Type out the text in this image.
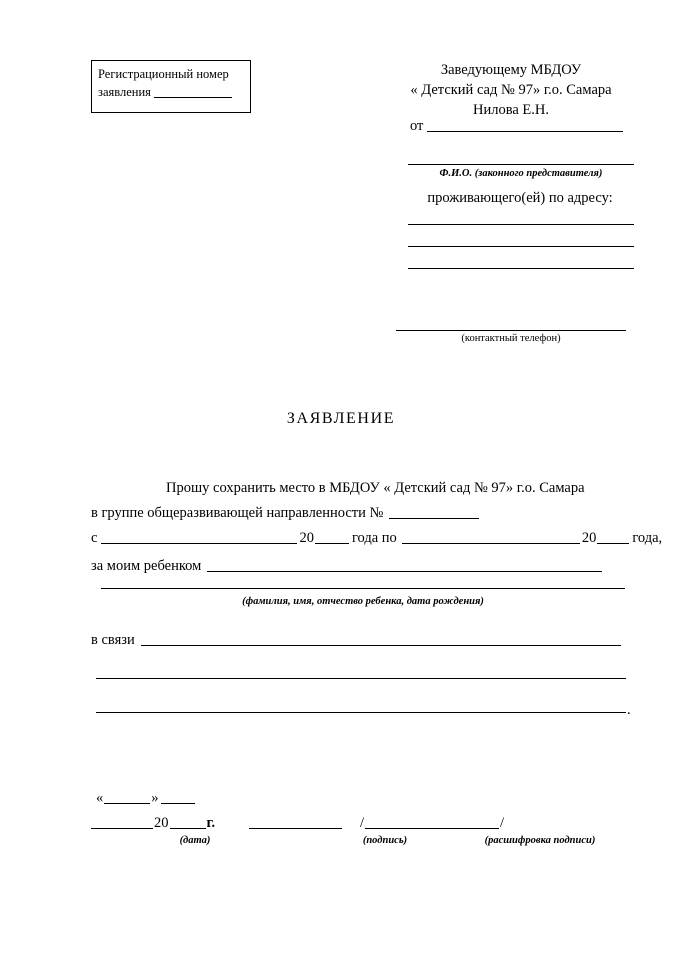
Регистрационный номер
заявления
Заведующему МБДОУ
« Детский сад № 97» г.о. Самара
Нилова Е.Н.
от
Ф.И.О. (законного представителя)
проживающего(ей) по адресу:
(контактный телефон)
ЗАЯВЛЕНИЕ
Прошу сохранить место в МБДОУ « Детский сад № 97» г.о. Самара
в группе общеразвивающей направленности №
с	20	года по	20 года,
за моим ребенком
(фамилия, имя, отчество ребенка, дата рождения)
в связи
.
«	»
20	г.	/	/
(дата)	(подпись)	(расшифровка подписи)
